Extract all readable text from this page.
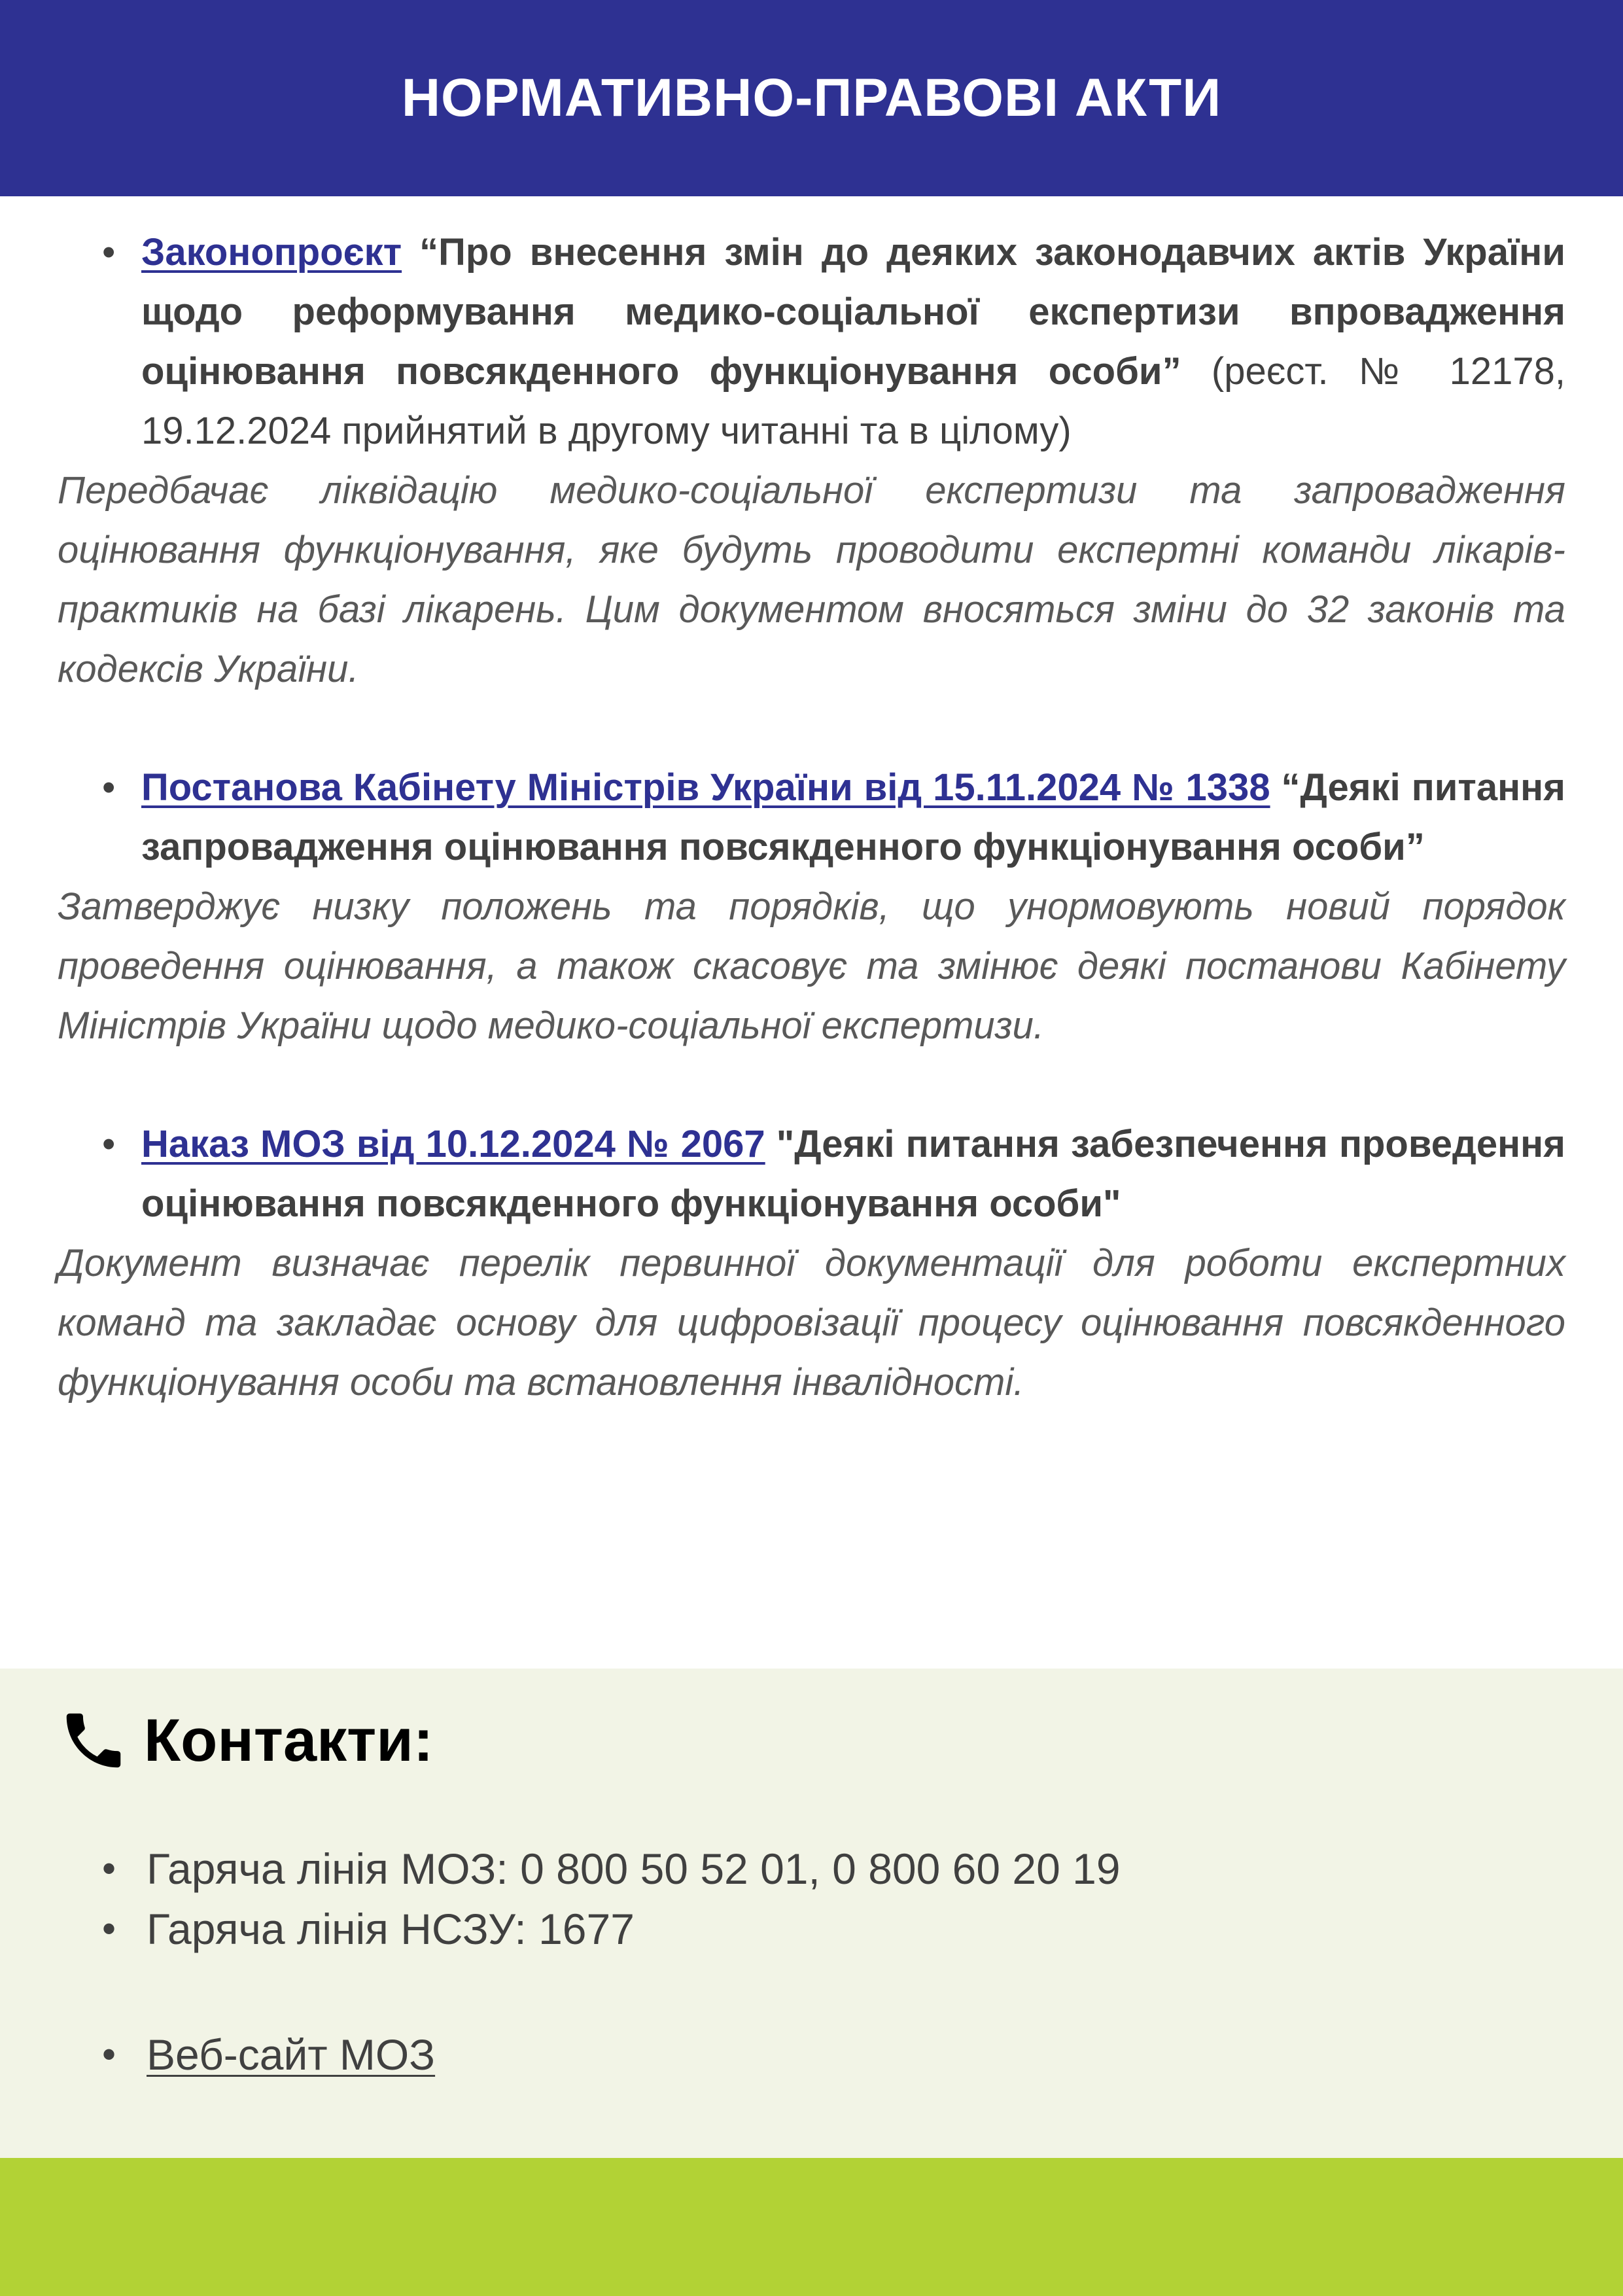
НОРМАТИВНО-ПРАВОВІ АКТИ
• Законопроєкт “Про внесення змін до деяких законодавчих актів України щодо реформування медико-соціальної експертизи впровадження оцінювання повсякденного функціонування особи” (реєст. № 12178, 19.12.2024 прийнятий в другому читанні та в цілому)

Передбачає ліквідацію медико-соціальної експертизи та запровадження оцінювання функціонування, яке будуть проводити експертні команди лікарів-практиків на базі лікарень. Цим документом вносяться зміни до 32 законів та кодексів України.

• Постанова Кабінету Міністрів України від 15.11.2024 № 1338 “Деякі питання запровадження оцінювання повсякденного функціонування особи”

Затверджує низку положень та порядків, що унормовують новий порядок проведення оцінювання, а також скасовує та змінює деякі постанови Кабінету Міністрів України щодо медико-соціальної експертизи.

• Наказ МОЗ від 10.12.2024 № 2067 "Деякі питання забезпечення проведення оцінювання повсякденного функціонування особи"

Документ визначає перелік первинної документації для роботи експертних команд та закладає основу для цифровізації процесу оцінювання повсякденного функціонування особи та встановлення інвалідності.

Контакти:
• Гаряча лінія МОЗ: 0 800 50 52 01, 0 800 60 20 19
• Гаряча лінія НСЗУ: 1677
• Веб-сайт МОЗ
